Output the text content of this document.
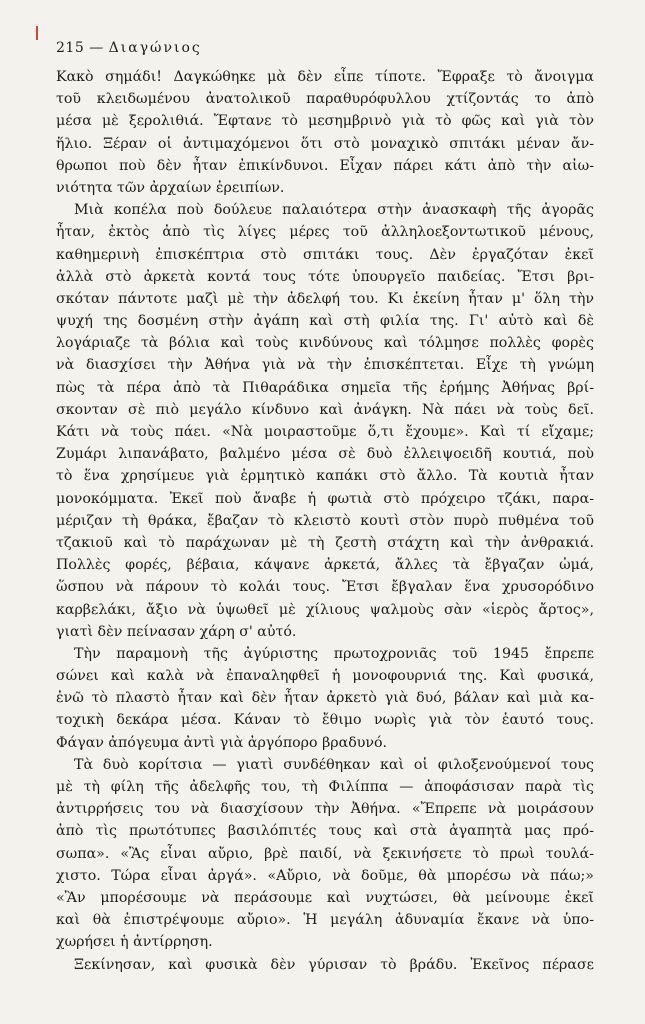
215 — Διαγώνιος
Κακὸ σημάδι! Δαγκώθηκε μὰ δὲν εἶπε τίποτε. Ἔφραξε τὸ ἄνοιγμα
τοῦ κλειδωμένου ἀνατολικοῦ παραθυρόφυλλου χτίζοντάς το ἀπὸ
μέσα μὲ ξερολιθιά. Ἔφτανε τὸ μεσημβρινὸ γιὰ τὸ φῶς καὶ γιὰ τὸν
ἥλιο. Ξέραν οἱ ἀντιμαχόμενοι ὅτι στὸ μοναχικὸ σπιτάκι μέναν ἄν-
θρωποι ποὺ δὲν ἦταν ἐπικίνδυνοι. Εἶχαν πάρει κάτι ἀπὸ τὴν αἰω-
νιότητα τῶν ἀρχαίων ἐρειπίων.
Μιὰ κοπέλα ποὺ δούλευε παλαιότερα στὴν ἀνασκαφὴ τῆς ἀγορᾶς
ἦταν, ἐκτὸς ἀπὸ τὶς λίγες μέρες τοῦ ἀλληλοεξοντωτικοῦ μένους,
καθημερινὴ ἐπισκέπτρια στὸ σπιτάκι τους. Δὲν ἐργαζόταν ἐκεῖ
ἀλλὰ στὸ ἀρκετὰ κοντά τους τότε ὑπουργεῖο παιδείας. Ἔτσι βρι-
σκόταν πάντοτε μαζὶ μὲ τὴν ἀδελφή του. Κι ἐκείνη ἦταν μ' ὅλη τὴν
ψυχή της δοσμένη στὴν ἀγάπη καὶ στὴ φιλία της. Γι' αὐτὸ καὶ δὲ
λογάριαζε τὰ βόλια καὶ τοὺς κινδύνους καὶ τόλμησε πολλὲς φορὲς
νὰ διασχίσει τὴν Ἀθήνα γιὰ νὰ τὴν ἐπισκέπτεται. Εἶχε τὴ γνώμη
πὼς τὰ πέρα ἀπὸ τὰ Πιθαράδικα σημεῖα τῆς ἐρήμης Ἀθήνας βρί-
σκονταν σὲ πιὸ μεγάλο κίνδυνο καὶ ἀνάγκη. Νὰ πάει νὰ τοὺς δεῖ.
Κάτι νὰ τοὺς πάει. «Νὰ μοιραστοῦμε ὅ,τι ἔχουμε». Καὶ τί εἴχαμε;
Ζυμάρι λιπανάβατο, βαλμένο μέσα σὲ δυὸ ἐλλειψοειδῆ κουτιά, ποὺ
τὸ ἕνα χρησίμευε γιὰ ἑρμητικὸ καπάκι στὸ ἄλλο. Τὰ κουτιὰ ἦταν
μονοκόμματα. Ἐκεῖ ποὺ ἄναβε ἡ φωτιὰ στὸ πρόχειρο τζάκι, παρα-
μέριζαν τὴ θράκα, ἔβαζαν τὸ κλειστὸ κουτὶ στὸν πυρὸ πυθμένα τοῦ
τζακιοῦ καὶ τὸ παράχωναν μὲ τὴ ζεστὴ στάχτη καὶ τὴν ἀνθρακιά.
Πολλὲς φορές, βέβαια, κάψανε ἀρκετά, ἄλλες τὰ ἔβγαζαν ὠμά,
ὥσπου νὰ πάρουν τὸ κολάι τους. Ἔτσι ἔβγαλαν ἕνα χρυσορόδινο
καρβελάκι, ἄξιο νὰ ὑψωθεῖ μὲ χίλιους ψαλμοὺς σὰν «ἱερὸς ἄρτος»,
γιατὶ δὲν πείνασαν χάρη σ' αὐτό.
Τὴν παραμονὴ τῆς ἀγύριστης πρωτοχρονιᾶς τοῦ 1945 ἔπρεπε
σώνει καὶ καλὰ νὰ ἐπαναληφθεῖ ἡ μονοφουρνιά της. Καὶ φυσικά,
ἐνῶ τὸ πλαστὸ ἦταν καὶ δὲν ἦταν ἀρκετὸ γιὰ δυό, βάλαν καὶ μιὰ κα-
τοχικὴ δεκάρα μέσα. Κάναν τὸ ἔθιμο νωρὶς γιὰ τὸν ἑαυτό τους.
Φάγαν ἀπόγευμα ἀντὶ γιὰ ἀργόπορο βραδυνό.
Τὰ δυὸ κορίτσια — γιατὶ συνδέθηκαν καὶ οἱ φιλοξενούμενοί τους
μὲ τὴ φίλη τῆς ἀδελφῆς του, τὴ Φιλίππα — ἀποφάσισαν παρὰ τὶς
ἀντιρρήσεις του νὰ διασχίσουν τὴν Ἀθήνα. «Ἔπρεπε νὰ μοιράσουν
ἀπὸ τὶς πρωτότυπες βασιλόπιτές τους καὶ στὰ ἀγαπητὰ μας πρό-
σωπα». «Ἂς εἶναι αὔριο, βρὲ παιδί, νὰ ξεκινήσετε τὸ πρωὶ τουλά-
χιστο. Τώρα εἶναι ἀργά». «Αὔριο, νὰ δοῦμε, θὰ μπορέσω νὰ πάω;»
«Ἂν μπορέσουμε νὰ περάσουμε καὶ νυχτώσει, θὰ μείνουμε ἐκεῖ
καὶ θὰ ἐπιστρέψουμε αὔριο». Ἡ μεγάλη ἀδυναμία ἔκανε νὰ ὑπο-
χωρήσει ἡ ἀντίρρηση.
Ξεκίνησαν, καὶ φυσικὰ δὲν γύρισαν τὸ βράδυ. Ἐκεῖνος πέρασε
